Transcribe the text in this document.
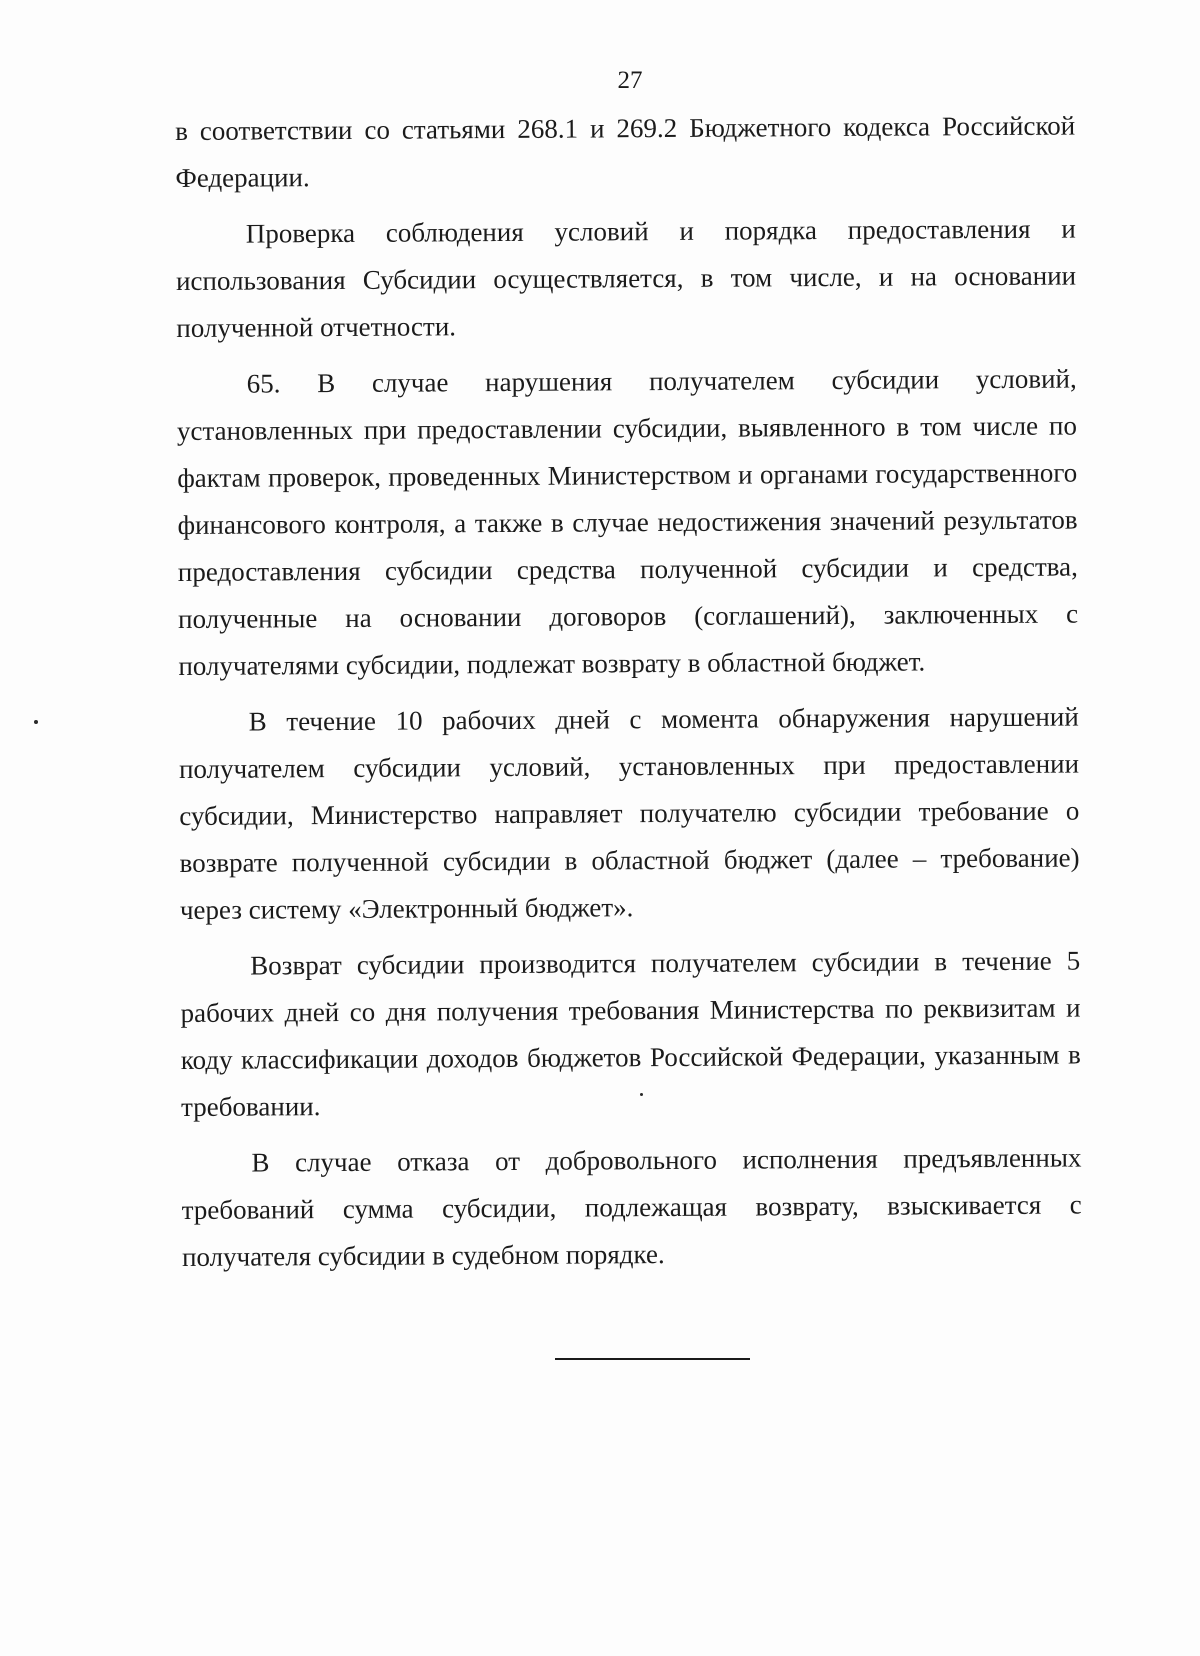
27

в соответствии со статьями 268.1 и 269.2 Бюджетного кодекса Российской Федерации.

Проверка соблюдения условий и порядка предоставления и использования Субсидии осуществляется, в том числе, и на основании полученной отчетности.

65. В случае нарушения получателем субсидии условий, установленных при предоставлении субсидии, выявленного в том числе по фактам проверок, проведенных Министерством и органами государственного финансового контроля, а также в случае недостижения значений результатов предоставления субсидии средства полученной субсидии и средства, полученные на основании договоров (соглашений), заключенных с получателями субсидии, подлежат возврату в областной бюджет.

В течение 10 рабочих дней с момента обнаружения нарушений получателем субсидии условий, установленных при предоставлении субсидии, Министерство направляет получателю субсидии требование о возврате полученной субсидии в областной бюджет (далее – требование) через систему «Электронный бюджет».

Возврат субсидии производится получателем субсидии в течение 5 рабочих дней со дня получения требования Министерства по реквизитам и коду классификации доходов бюджетов Российской Федерации, указанным в требовании.

В случае отказа от добровольного исполнения предъявленных требований сумма субсидии, подлежащая возврату, взыскивается с получателя субсидии в судебном порядке.
